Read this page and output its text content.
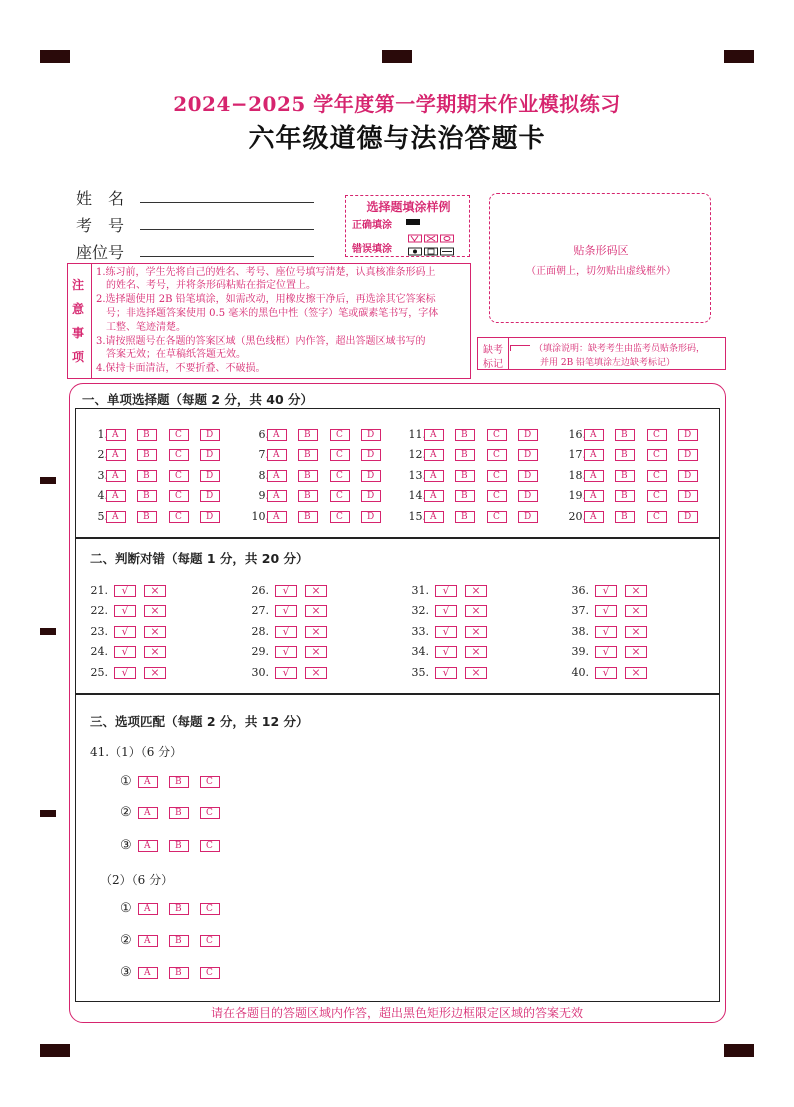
2024−2025 学年度第一学期期末作业模拟练习
六年级道德与法治答题卡
姓　名
考　号
座位号
选择题填涂样例
正确填涂
错误填涂	贴条形码区
（正面朝上，切勿贴出虚线框外）
注
意
事
项
1.练习前，学生先将自己的姓名、考号、座位号填写清楚，认真核准条形码上
　的姓名、考号，并将条形码粘贴在指定位置上。
2.选择题使用 2B 铅笔填涂，如需改动，用橡皮擦干净后，再选涂其它答案标
　号；非选择题答案使用 0.5 毫米的黑色中性（签字）笔或碳素笔书写，字体
　工整、笔迹清楚。
3.请按照题号在各题的答案区域（黑色线框）内作答，超出答题区域书写的
　答案无效；在草稿纸答题无效。
4.保持卡面清洁，不要折叠、不破损。
缺考
标记
（填涂说明：缺考考生由监考员贴条形码，
并用 2B 铅笔填涂左边缺考标记）
一、单项选择题（每题 2 分，共 40 分）
1. A	B	C	D
2. A	B	C	D
3. A	B	C	D
4. A	B	C	D
5. A	B	C	D
6. A	B	C	D
7. A	B	C	D
8. A	B	C	D
9. A	B	C	D
10. A	B	C	D
11. A	B	C	D
12. A	B	C	D
13. A	B	C	D
14. A	B	C	D
15. A	B	C	D
16. A	B	C	D
17. A	B	C	D
18. A	B	C	D
19. A	B	C	D
20. A	B	C	D
二、判断对错（每题 1 分，共 20 分）
21.	√	×
22.	√	×
23.	√	×
24.	√	×
25.	√	×
26.	√	×
27.	√	×
28.	√	×
29.	√	×
30.	√	×
31.	√	×
32.	√	×
33.	√	×
34.	√	×
35.	√	×
36.	√	×
37.	√	×
38.	√	×
39.	√	×
40.	√	×
三、选项匹配（每题 2 分，共 12 分）
41.（1）（6 分）
（2）（6 分）
①	A	B	C
②	A	B	C
③	A	B	C
①	A	B	C
②	A	B	C
③	A	B	C
请在各题目的答题区域内作答，超出黑色矩形边框限定区域的答案无效
